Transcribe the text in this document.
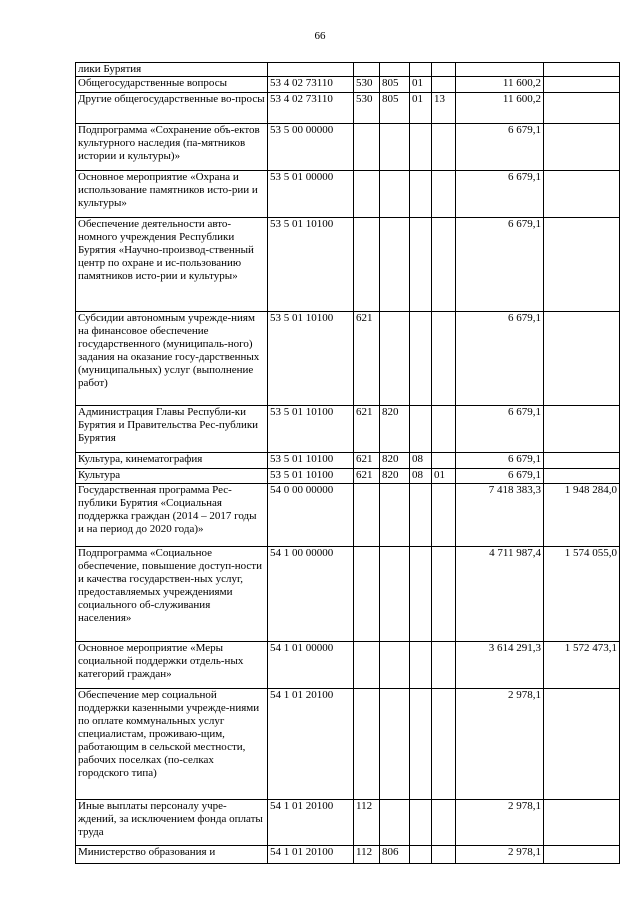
66
лики Бурятия							
Общегосударственные вопросы	53 4 02 73110	530	805	01		11 600,2	
Другие общегосударственные во-просы	53 4 02 73110	530	805	01	13	11 600,2	
Подпрограмма «Сохранение объ-ектов культурного наследия (па-мятников истории и культуры)»	53 5 00 00000					6 679,1	
Основное мероприятие «Охрана и использование памятников исто-рии и культуры»	53 5 01 00000					6 679,1	
Обеспечение деятельности авто-номного учреждения Республики Бурятия «Научно-производ-ственный центр по охране и ис-пользованию памятников исто-рии и культуры»	53 5 01 10100					6 679,1	
Субсидии автономным учрежде-ниям на финансовое обеспечение государственного (муниципаль-ного) задания на оказание госу-дарственных (муниципальных) услуг (выполнение работ)	53 5 01 10100	621				6 679,1	
Администрация Главы Республи-ки Бурятия и Правительства Рес-публики Бурятия	53 5 01 10100	621	820			6 679,1	
Культура, кинематография	53 5 01 10100	621	820	08		6 679,1	
Культура	53 5 01 10100	621	820	08	01	6 679,1	
Государственная программа Рес-публики Бурятия «Социальная поддержка граждан (2014 – 2017 годы и на период до 2020 года)»	54 0 00 00000					7 418 383,3	1 948 284,0
Подпрограмма «Социальное обеспечение, повышение доступ-ности и качества государствен-ных услуг, предоставляемых учреждениями социального об-служивания населения»	54 1 00 00000					4 711 987,4	1 574 055,0
Основное мероприятие «Меры социальной поддержки отдель-ных категорий граждан»	54 1 01 00000					3 614 291,3	1 572 473,1
Обеспечение мер социальной поддержки казенными учрежде-ниями по оплате коммунальных услуг специалистам, проживаю-щим, работающим в сельской местности, рабочих поселках (по-селках городского типа)	54 1 01 20100					2 978,1	
Иные выплаты персоналу учре-ждений, за исключением фонда оплаты труда	54 1 01 20100	112				2 978,1	
Министерство образования и	54 1 01 20100	112	806			2 978,1	
